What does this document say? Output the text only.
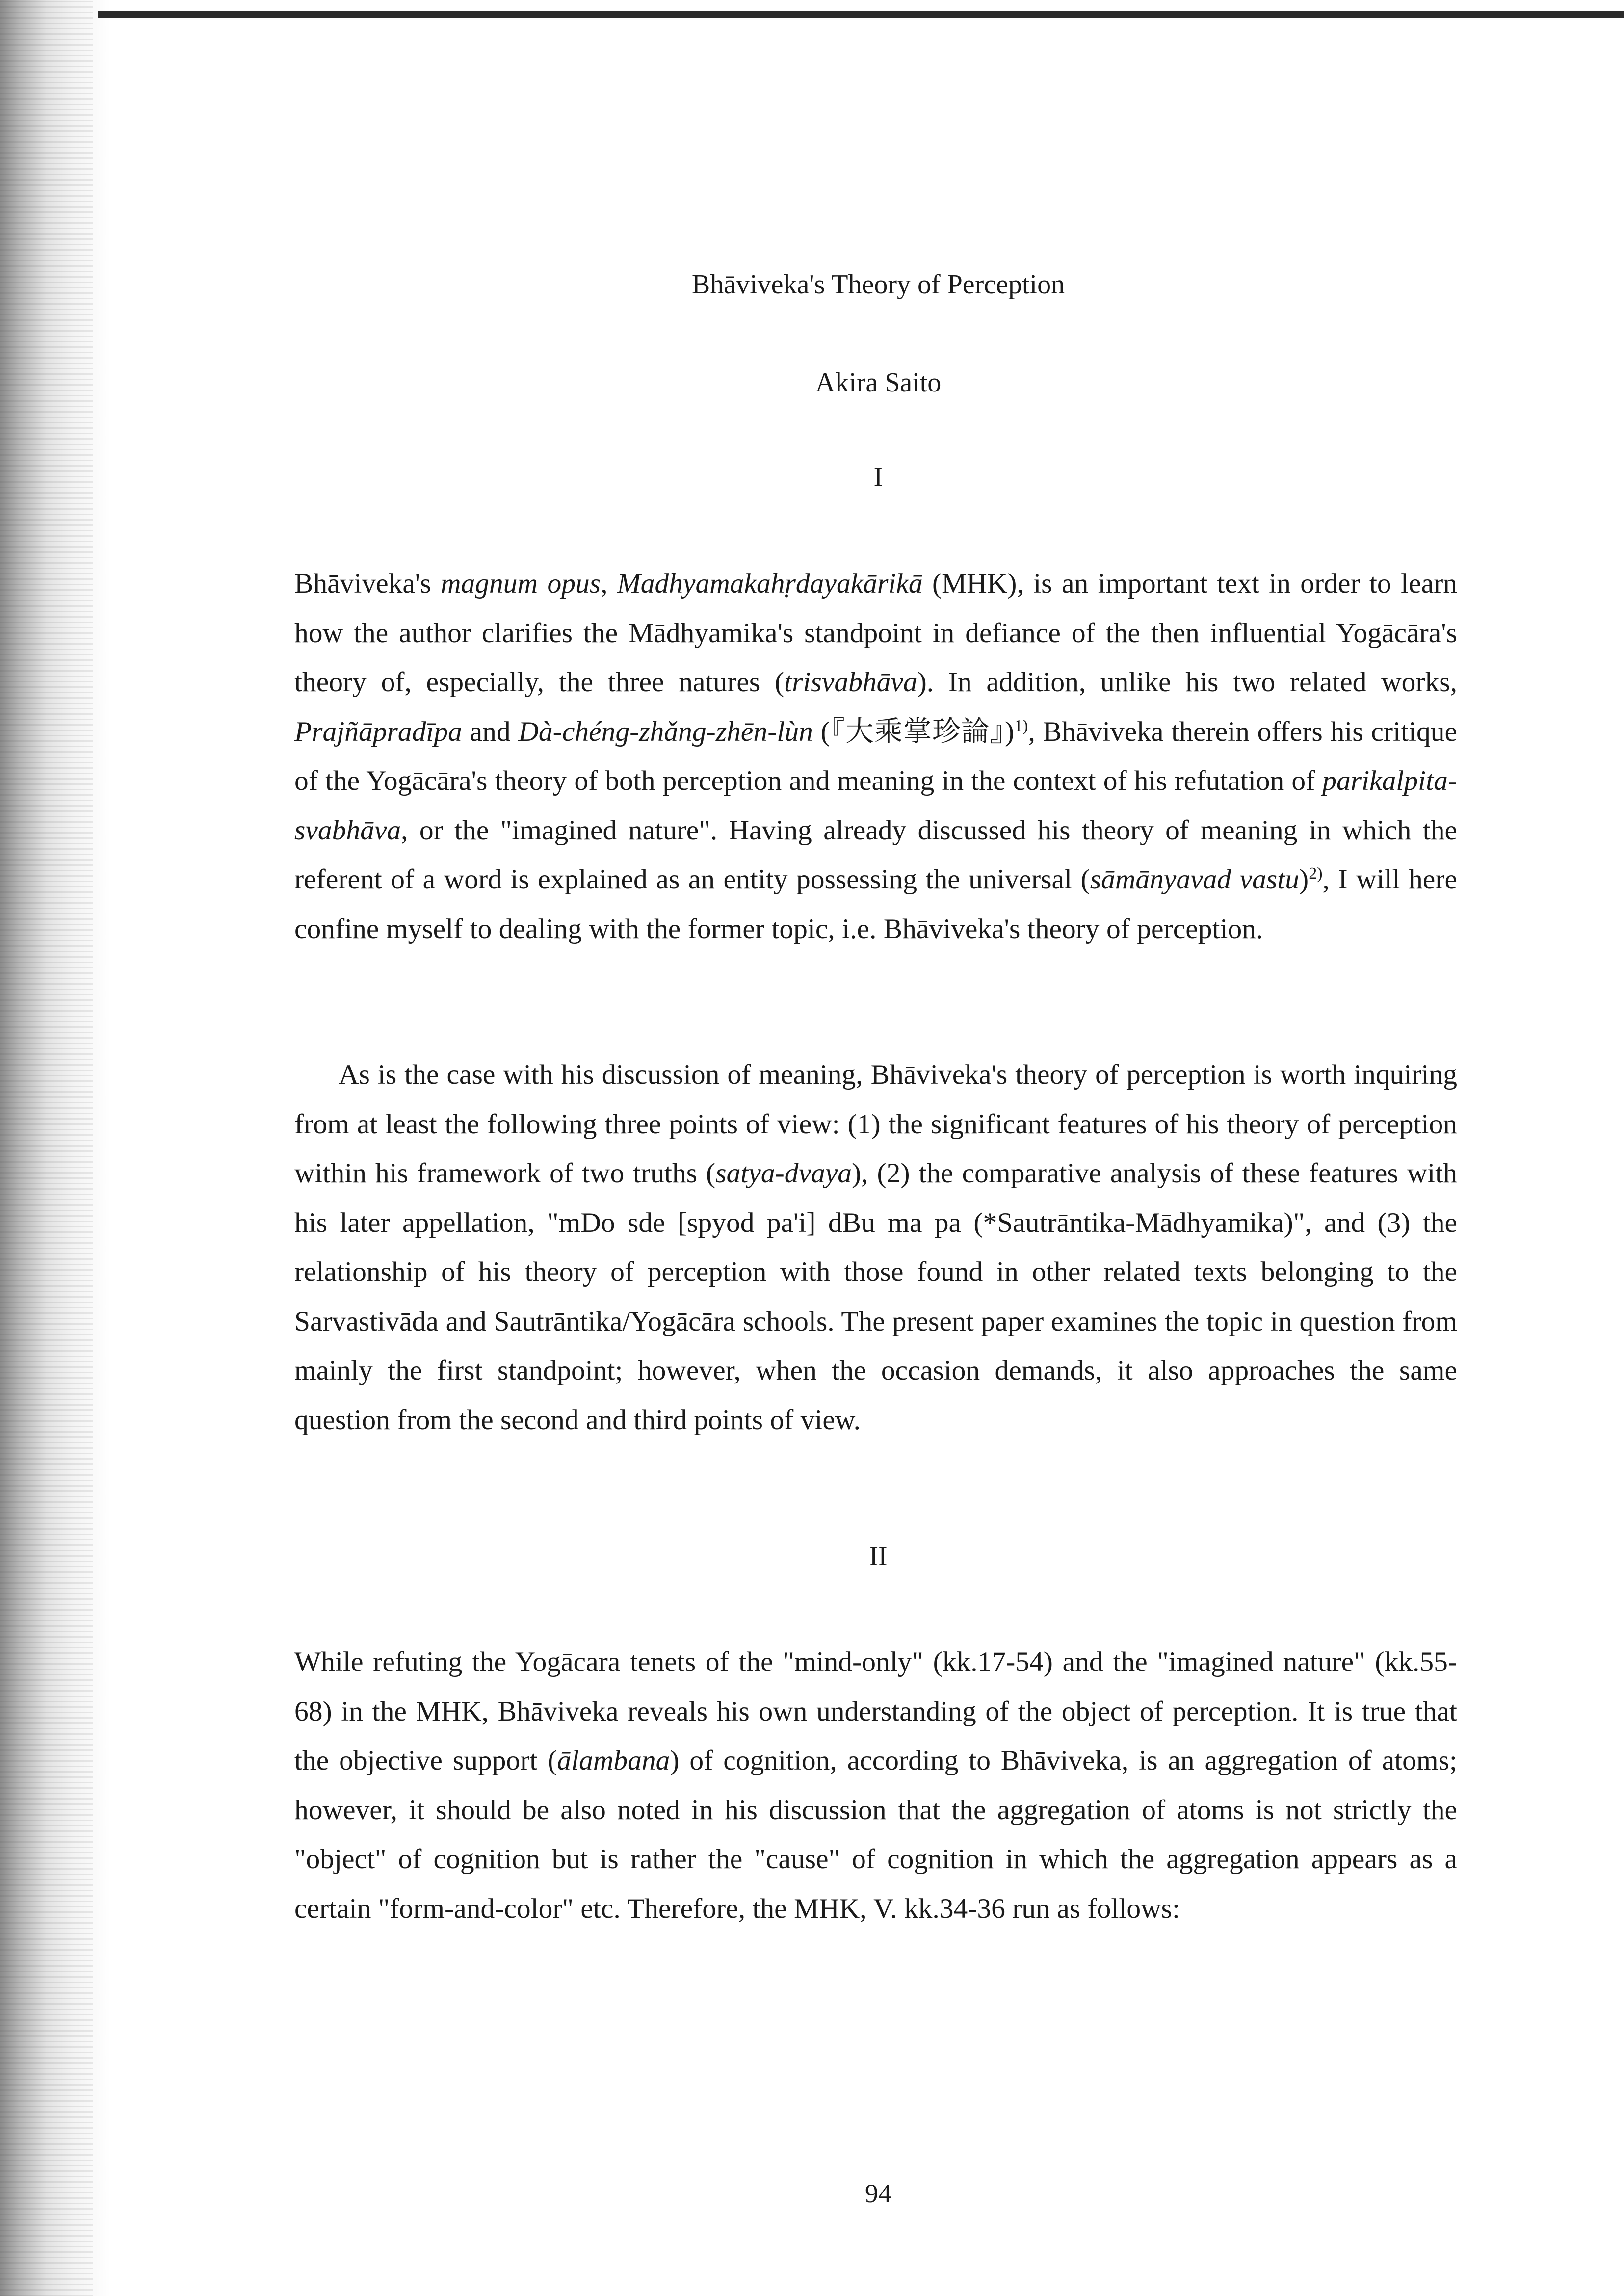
Bhāviveka's Theory of Perception
Akira Saito
I

Bhāviveka's magnum opus, Madhyamakahṛdayakārikā (MHK), is an important text in order to learn how the author clarifies the Mādhyamika's standpoint in defiance of the then influential Yogācāra's theory of, especially, the three natures (trisvabhāva). In addition, unlike his two related works, Prajñāpradīpa and Dà-chéng-zhǎng-zhēn-lùn (『大乘掌珍論』)$^{1)}$, Bhāviveka therein offers his critique of the Yogācāra's theory of both perception and meaning in the context of his refutation of parikalpita-svabhāva, or the "imagined nature". Having already discussed his theory of meaning in which the referent of a word is explained as an entity possessing the universal (sāmānyavad vastu)$^{2)}$, I will here confine myself to dealing with the former topic, i.e. Bhāviveka's theory of perception.

As is the case with his discussion of meaning, Bhāviveka's theory of perception is worth inquiring from at least the following three points of view: (1) the significant features of his theory of perception within his framework of two truths (satya-dvaya), (2) the comparative analysis of these features with his later appellation, "mDo sde [spyod pa'i] dBu ma pa (*Sautrāntika-Mādhyamika)", and (3) the relationship of his theory of perception with those found in other related texts belonging to the Sarvastivāda and Sautrāntika/Yogācāra schools. The present paper examines the topic in question from mainly the first standpoint; however, when the occasion demands, it also approaches the same question from the second and third points of view.

II

While refuting the Yogācara tenets of the "mind-only" (kk.17-54) and the "imagined nature" (kk.55-68) in the MHK, Bhāviveka reveals his own understanding of the object of perception. It is true that the objective support (ālambana) of cognition, according to Bhāviveka, is an aggregation of atoms; however, it should be also noted in his discussion that the aggregation of atoms is not strictly the "object" of cognition but is rather the "cause" of cognition in which the aggregation appears as a certain "form-and-color" etc. Therefore, the MHK, V. kk.34-36 run as follows:

94
